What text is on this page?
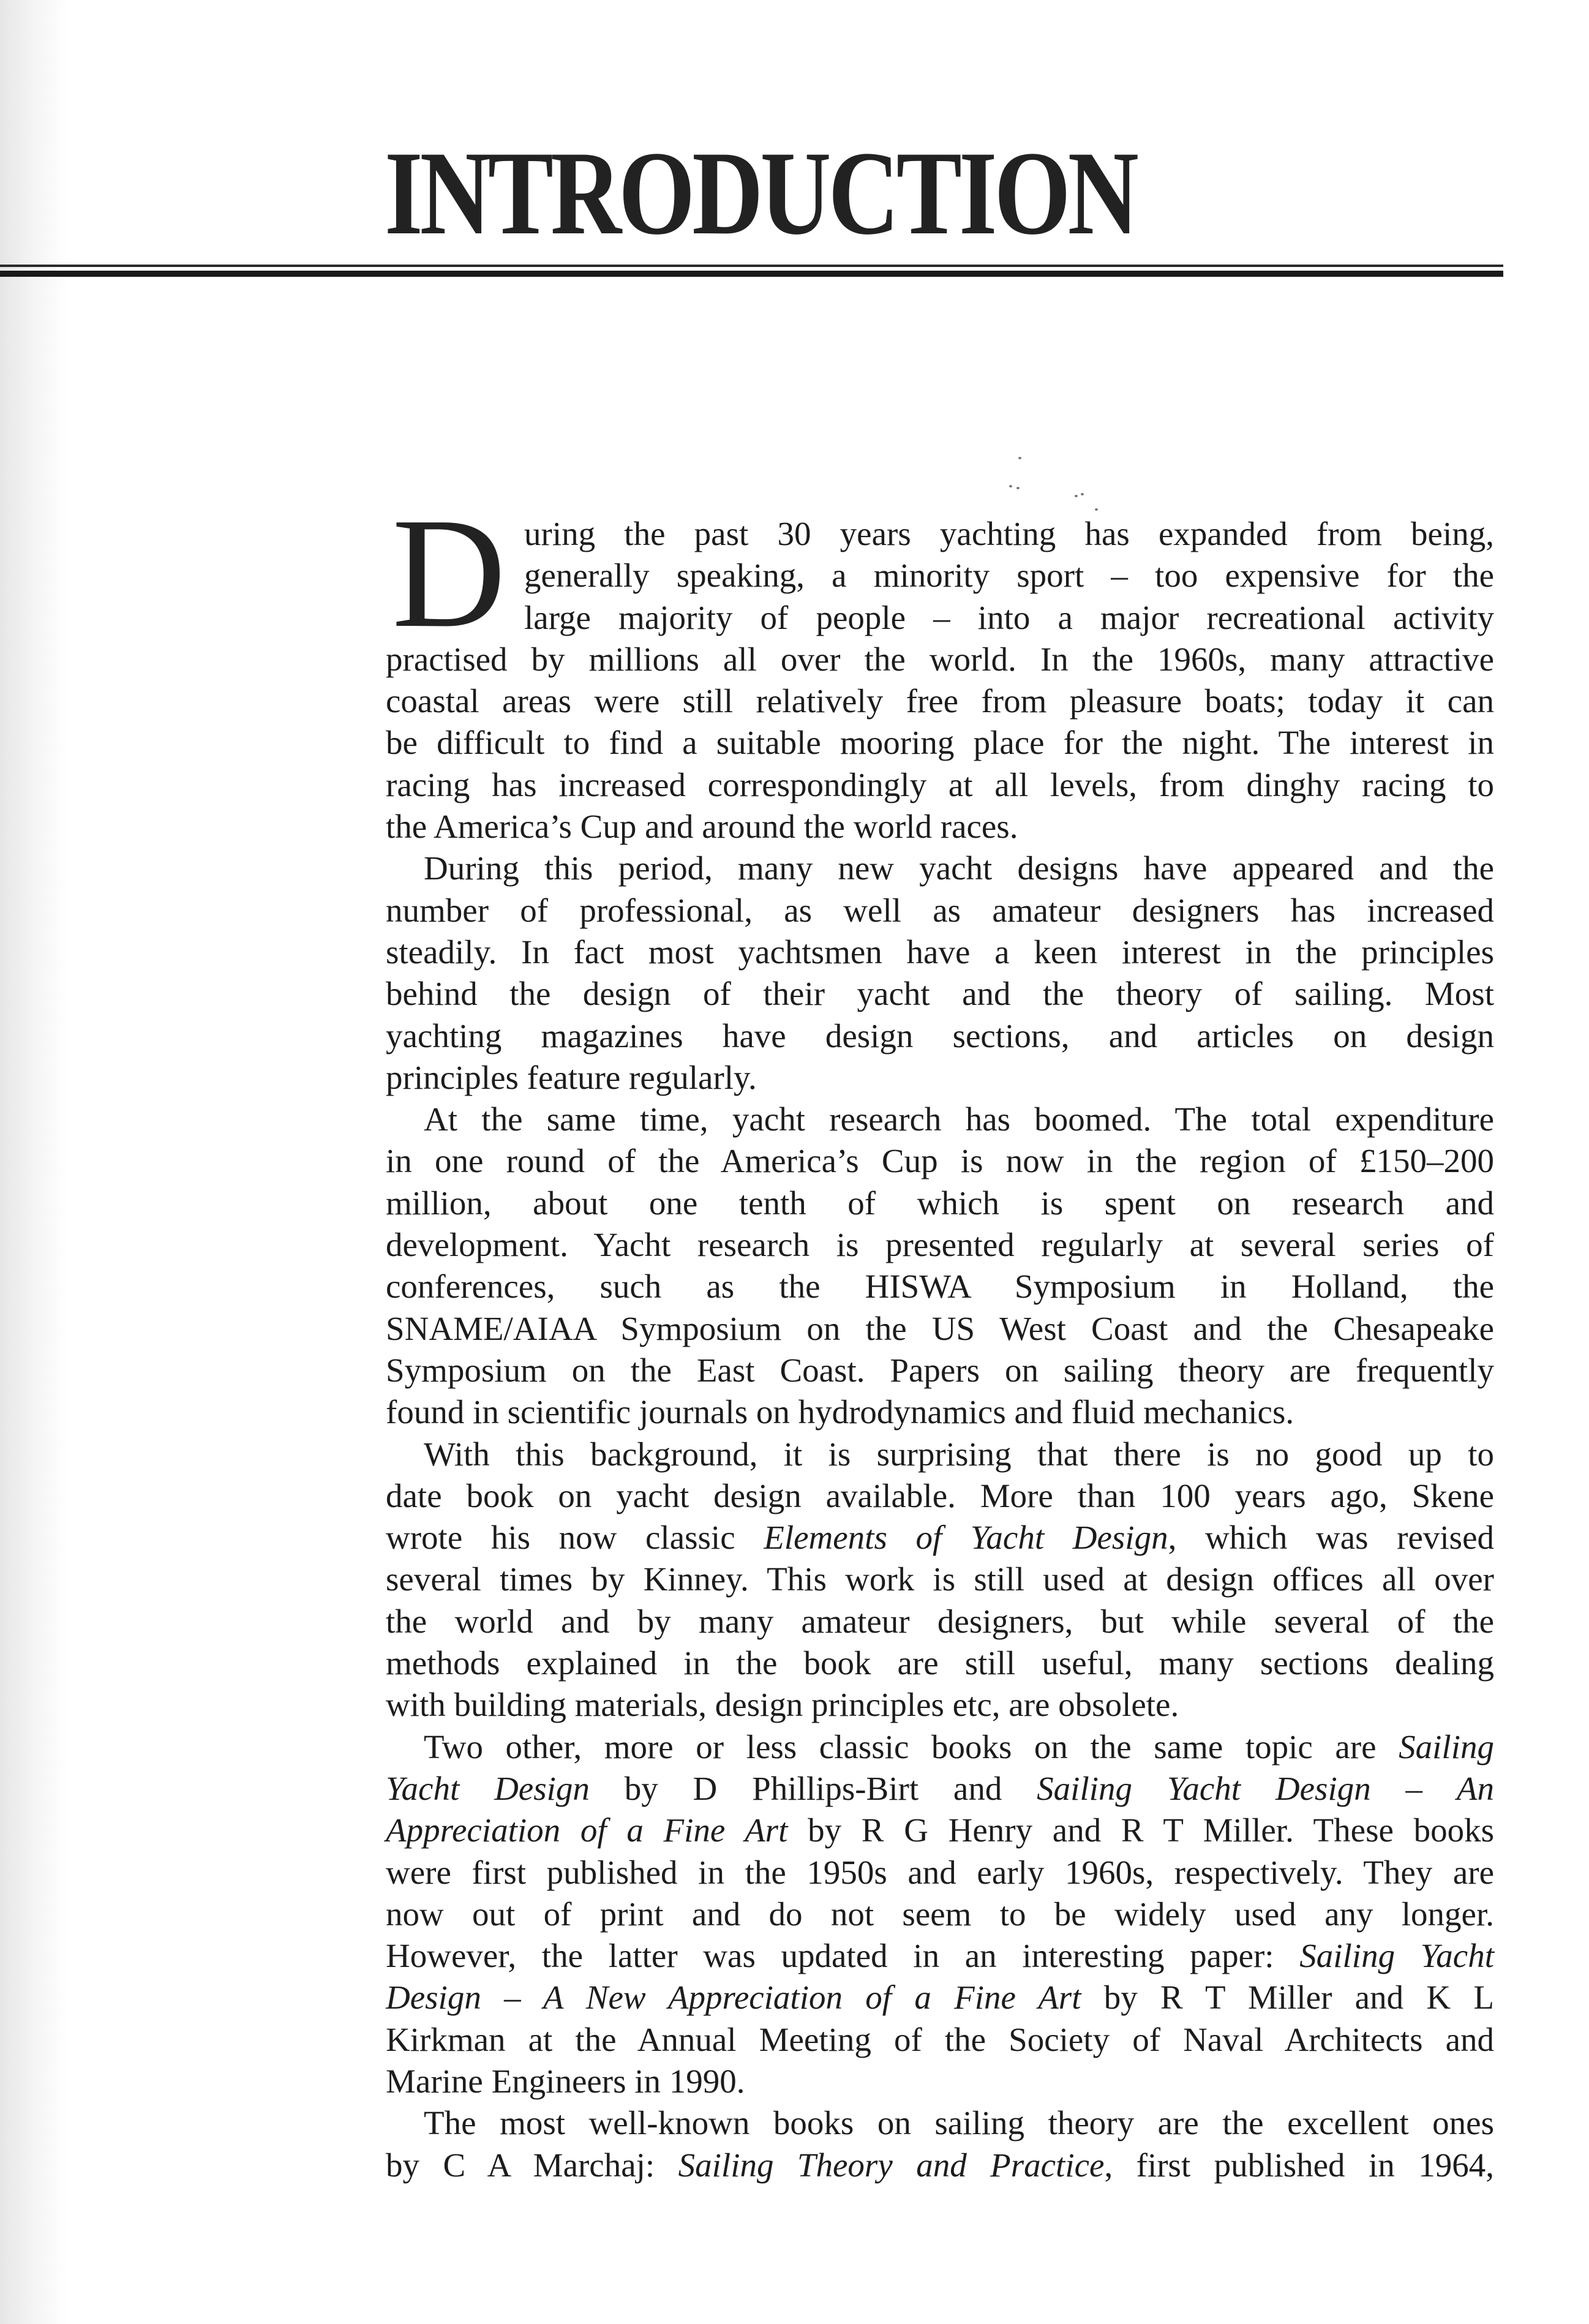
INTRODUCTION
D uring the past 30 years yachting has expanded from being,
generally speaking, a minority sport – too expensive for the
large majority of people – into a major recreational activity
practised by millions all over the world. In the 1960s, many attractive
coastal areas were still relatively free from pleasure boats; today it can
be difficult to find a suitable mooring place for the night. The interest in
racing has increased correspondingly at all levels, from dinghy racing to
the America’s Cup and around the world races.
During this period, many new yacht designs have appeared and the
number of professional, as well as amateur designers has increased
steadily. In fact most yachtsmen have a keen interest in the principles
behind the design of their yacht and the theory of sailing. Most
yachting magazines have design sections, and articles on design
principles feature regularly.
At the same time, yacht research has boomed. The total expenditure
in one round of the America’s Cup is now in the region of £150–200
million, about one tenth of which is spent on research and
development. Yacht research is presented regularly at several series of
conferences, such as the HISWA Symposium in Holland, the
SNAME/AIAA Symposium on the US West Coast and the Chesapeake
Symposium on the East Coast. Papers on sailing theory are frequently
found in scientific journals on hydrodynamics and fluid mechanics.
With this background, it is surprising that there is no good up to
date book on yacht design available. More than 100 years ago, Skene
wrote his now classic Elements of Yacht Design, which was revised
several times by Kinney. This work is still used at design offices all over
the world and by many amateur designers, but while several of the
methods explained in the book are still useful, many sections dealing
with building materials, design principles etc, are obsolete.
Two other, more or less classic books on the same topic are Sailing
Yacht Design by D Phillips-Birt and Sailing Yacht Design – An
Appreciation of a Fine Art by R G Henry and R T Miller. These books
were first published in the 1950s and early 1960s, respectively. They are
now out of print and do not seem to be widely used any longer.
However, the latter was updated in an interesting paper: Sailing Yacht
Design – A New Appreciation of a Fine Art by R T Miller and K L
Kirkman at the Annual Meeting of the Society of Naval Architects and
Marine Engineers in 1990.
The most well-known books on sailing theory are the excellent ones
by C A Marchaj: Sailing Theory and Practice, first published in 1964,
